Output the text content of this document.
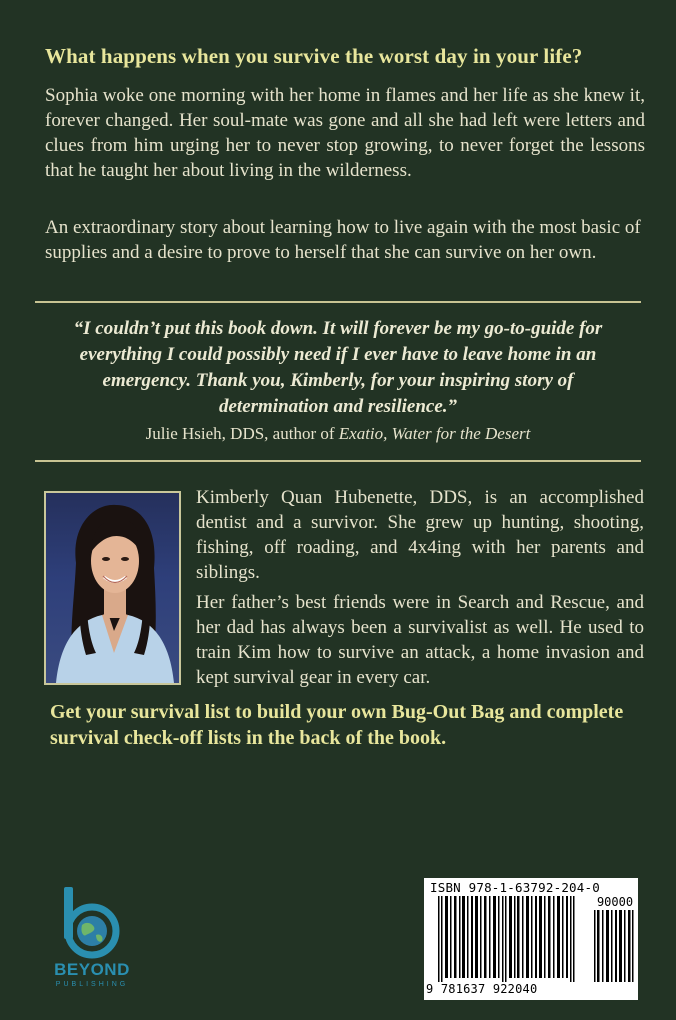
What happens when you survive the worst day in your life?
Sophia woke one morning with her home in flames and her life as she knew it, forever changed. Her soul-mate was gone and all she had left were letters and clues from him urging her to never stop growing, to never forget the lessons that he taught her about living in the wilderness.
An extraordinary story about learning how to live again with the most basic of supplies and a desire to prove to herself that she can survive on her own.
“I couldn’t put this book down. It will forever be my go-to-guide for everything I could possibly need if I ever have to leave home in an emergency. Thank you, Kimberly, for your inspiring story of determination and resilience.”
Julie Hsieh, DDS, author of Exatio, Water for the Desert
Kimberly Quan Hubenette, DDS, is an accomplished dentist and a survivor. She grew up hunting, shooting, fishing, off roading, and 4x4ing with her parents and siblings.
Her father’s best friends were in Search and Rescue, and her dad has always been a survivalist as well. He used to train Kim how to survive an attack, a home invasion and kept survival gear in every car.
Get your survival list to build your own Bug-Out Bag and complete survival check-off lists in the back of the book.
BEYOND
PUBLISHING
ISBN 978-1-63792-204-0
90000
9 781637 922040
